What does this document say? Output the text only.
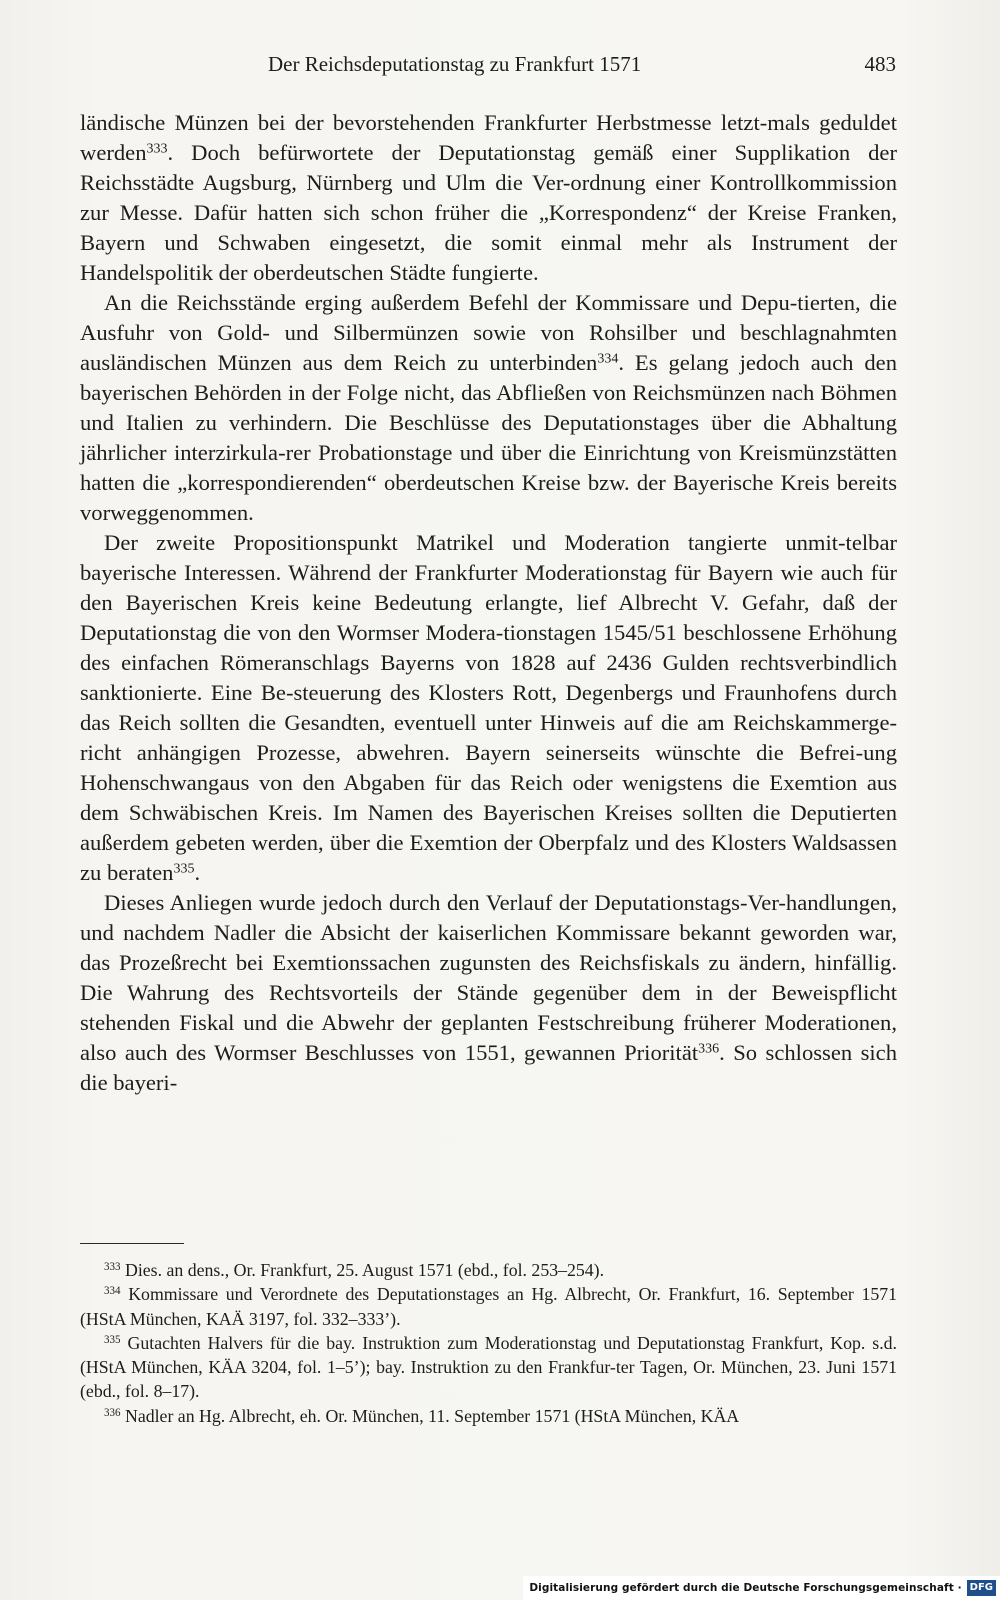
Der Reichsdeputationstag zu Frankfurt 1571	483

ländische Münzen bei der bevorstehenden Frankfurter Herbstmesse letzt-mals geduldet werden$^{333}$. Doch befürwortete der Deputationstag gemäß einer Supplikation der Reichsstädte Augsburg, Nürnberg und Ulm die Ver-ordnung einer Kontrollkommission zur Messe. Dafür hatten sich schon früher die „Korrespondenz“ der Kreise Franken, Bayern und Schwaben eingesetzt, die somit einmal mehr als Instrument der Handelspolitik der oberdeutschen Städte fungierte.

An die Reichsstände erging außerdem Befehl der Kommissare und Depu-tierten, die Ausfuhr von Gold- und Silbermünzen sowie von Rohsilber und beschlagnahmten ausländischen Münzen aus dem Reich zu unterbinden$^{334}$. Es gelang jedoch auch den bayerischen Behörden in der Folge nicht, das Abfließen von Reichsmünzen nach Böhmen und Italien zu verhindern. Die Beschlüsse des Deputationstages über die Abhaltung jährlicher interzirkula-rer Probationstage und über die Einrichtung von Kreismünzstätten hatten die „korrespondierenden“ oberdeutschen Kreise bzw. der Bayerische Kreis bereits vorweggenommen.

Der zweite Propositionspunkt Matrikel und Moderation tangierte unmit-telbar bayerische Interessen. Während der Frankfurter Moderationstag für Bayern wie auch für den Bayerischen Kreis keine Bedeutung erlangte, lief Albrecht V. Gefahr, daß der Deputationstag die von den Wormser Modera-tionstagen 1545/51 beschlossene Erhöhung des einfachen Römeranschlags Bayerns von 1828 auf 2436 Gulden rechtsverbindlich sanktionierte. Eine Be-steuerung des Klosters Rott, Degenbergs und Fraunhofens durch das Reich sollten die Gesandten, eventuell unter Hinweis auf die am Reichskammerge-richt anhängigen Prozesse, abwehren. Bayern seinerseits wünschte die Befrei-ung Hohenschwangaus von den Abgaben für das Reich oder wenigstens die Exemtion aus dem Schwäbischen Kreis. Im Namen des Bayerischen Kreises sollten die Deputierten außerdem gebeten werden, über die Exemtion der Oberpfalz und des Klosters Waldsassen zu beraten$^{335}$.

Dieses Anliegen wurde jedoch durch den Verlauf der Deputationstags-Ver-handlungen, und nachdem Nadler die Absicht der kaiserlichen Kommissare bekannt geworden war, das Prozeßrecht bei Exemtionssachen zugunsten des Reichsfiskals zu ändern, hinfällig. Die Wahrung des Rechtsvorteils der Stände gegenüber dem in der Beweispflicht stehenden Fiskal und die Abwehr der geplanten Festschreibung früherer Moderationen, also auch des Wormser Beschlusses von 1551, gewannen Priorität$^{336}$. So schlossen sich die bayeri-

$^{333}$ Dies. an dens., Or. Frankfurt, 25. August 1571 (ebd., fol. 253–254).

$^{334}$ Kommissare und Verordnete des Deputationstages an Hg. Albrecht, Or. Frankfurt, 16. September 1571 (HStA München, KAÄ 3197, fol. 332–333’).

$^{335}$ Gutachten Halvers für die bay. Instruktion zum Moderationstag und Deputationstag Frankfurt, Kop. s.d. (HStA München, KÄA 3204, fol. 1–5’); bay. Instruktion zu den Frankfur-ter Tagen, Or. München, 23. Juni 1571 (ebd., fol. 8–17).

$^{336}$ Nadler an Hg. Albrecht, eh. Or. München, 11. September 1571 (HStA München, KÄA

Digitalisierung gefördert durch die Deutsche Forschungsgemeinschaft · DFG
